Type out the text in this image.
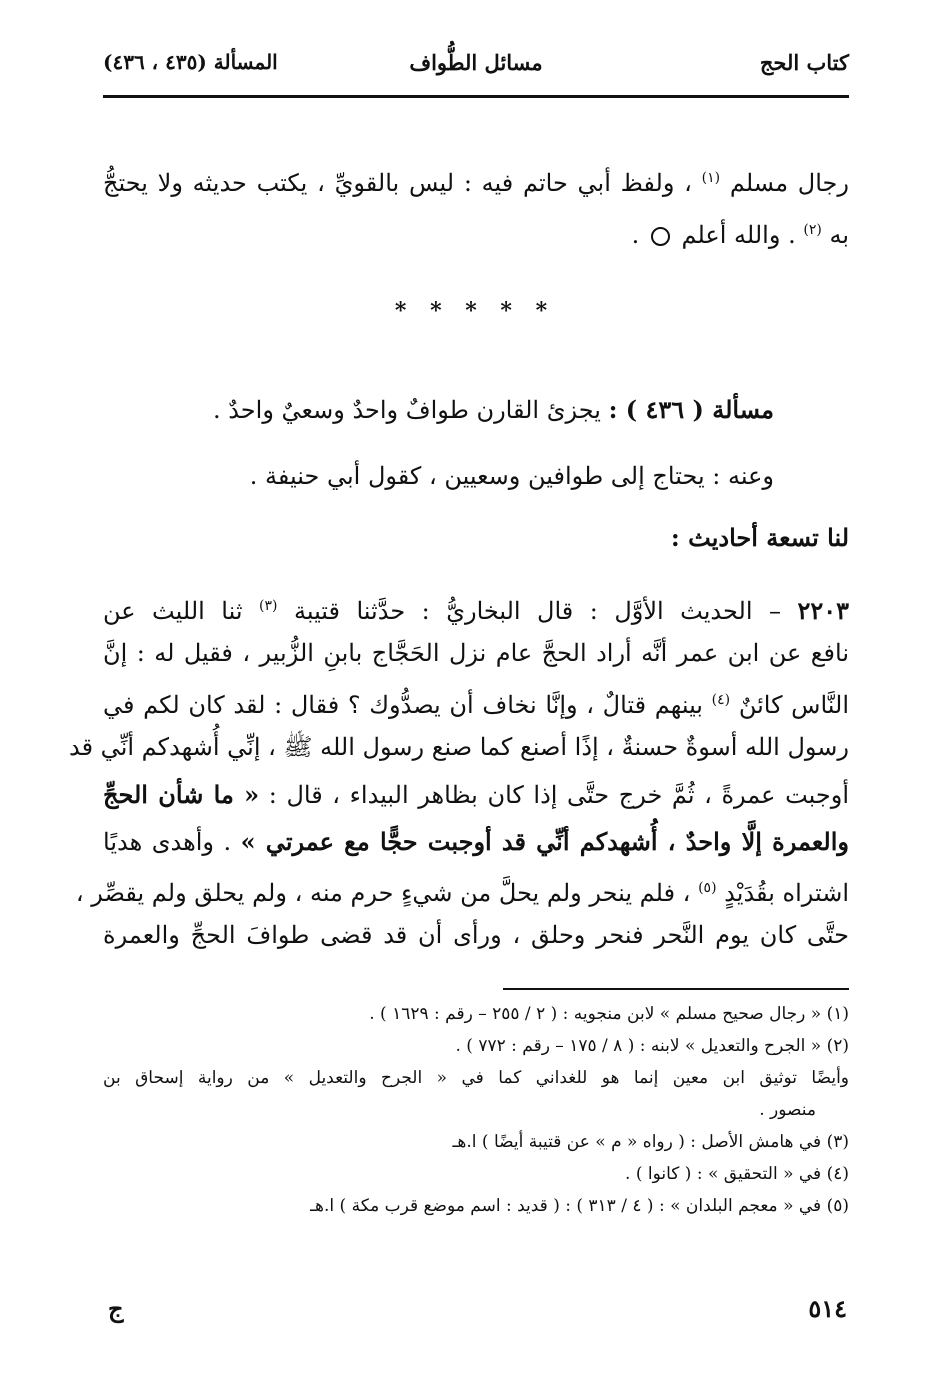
كتاب الحج
مسائل الطُّواف
المسألة (٤٣٥ ، ٤٣٦)
رجال مسلم $^{(١)}$ ، ولفظ أبي حاتم فيه : ليس بالقويِّ ، يكتب حديثه ولا يحتجُّ
به $^{(٢)}$ . والله أعلم  .
* * * * *
مسألة ( ٤٣٦ ) : يجزئ القارن طوافٌ واحدٌ وسعيٌ واحدٌ .
وعنه : يحتاج إلى طوافين وسعيين ، كقول أبي حنيفة .
لنا تسعة أحاديث :
٢٢٠٣ – الحديث الأوَّل : قال البخاريُّ : حدَّثنا قتيبة $^{(٣)}$ ثنا الليث عن
نافع عن ابن عمر أنَّه أراد الحجَّ عام نزل الحَجَّاج بابنِ الزُّبير ، فقيل له : إنَّ
النَّاس كائنٌ $^{(٤)}$ بينهم قتالٌ ، وإنَّا نخاف أن يصدُّوك ؟ فقال : لقد كان لكم في
رسول الله أسوةٌ حسنةٌ ، إذًا أصنع كما صنع رسول الله ﷺ ، إنِّي أُشهدكم أنِّي قد
أوجبت عمرةً ، ثُمَّ خرج حتَّى إذا كان بظاهر البيداء ، قال : « ما شأن الحجِّ
والعمرة إلَّا واحدٌ ، أُشهدكم أنِّي قد أوجبت حجًّا مع عمرتي » . وأهدى هديًا
اشتراه بقُدَيْدٍ $^{(٥)}$ ، فلم ينحر ولم يحلَّ من شيءٍ حرم منه ، ولم يحلق ولم يقصِّر ،
حتَّى كان يوم النَّحر فنحر وحلق ، ورأى أن قد قضى طوافَ الحجِّ والعمرة
(١) « رجال صحيح مسلم » لابن منجويه : ( ٢ / ٢٥٥ – رقم : ١٦٢٩ ) .
(٢) « الجرح والتعديل » لابنه : ( ٨ / ١٧٥ – رقم : ٧٧٢ ) .
وأيضًا توثيق ابن معين إنما هو للغداني كما في « الجرح والتعديل » من رواية إسحاق بن
منصور .
(٣) في هامش الأصل : ( رواه « م » عن قتيبة أيضًا ) ا.هـ
(٤) في « التحقيق » : ( كانوا ) .
(٥) في « معجم البلدان » : ( ٤ / ٣١٣ ) : ( قديد : اسم موضع قرب مكة ) ا.هـ
٥١٤
ج
